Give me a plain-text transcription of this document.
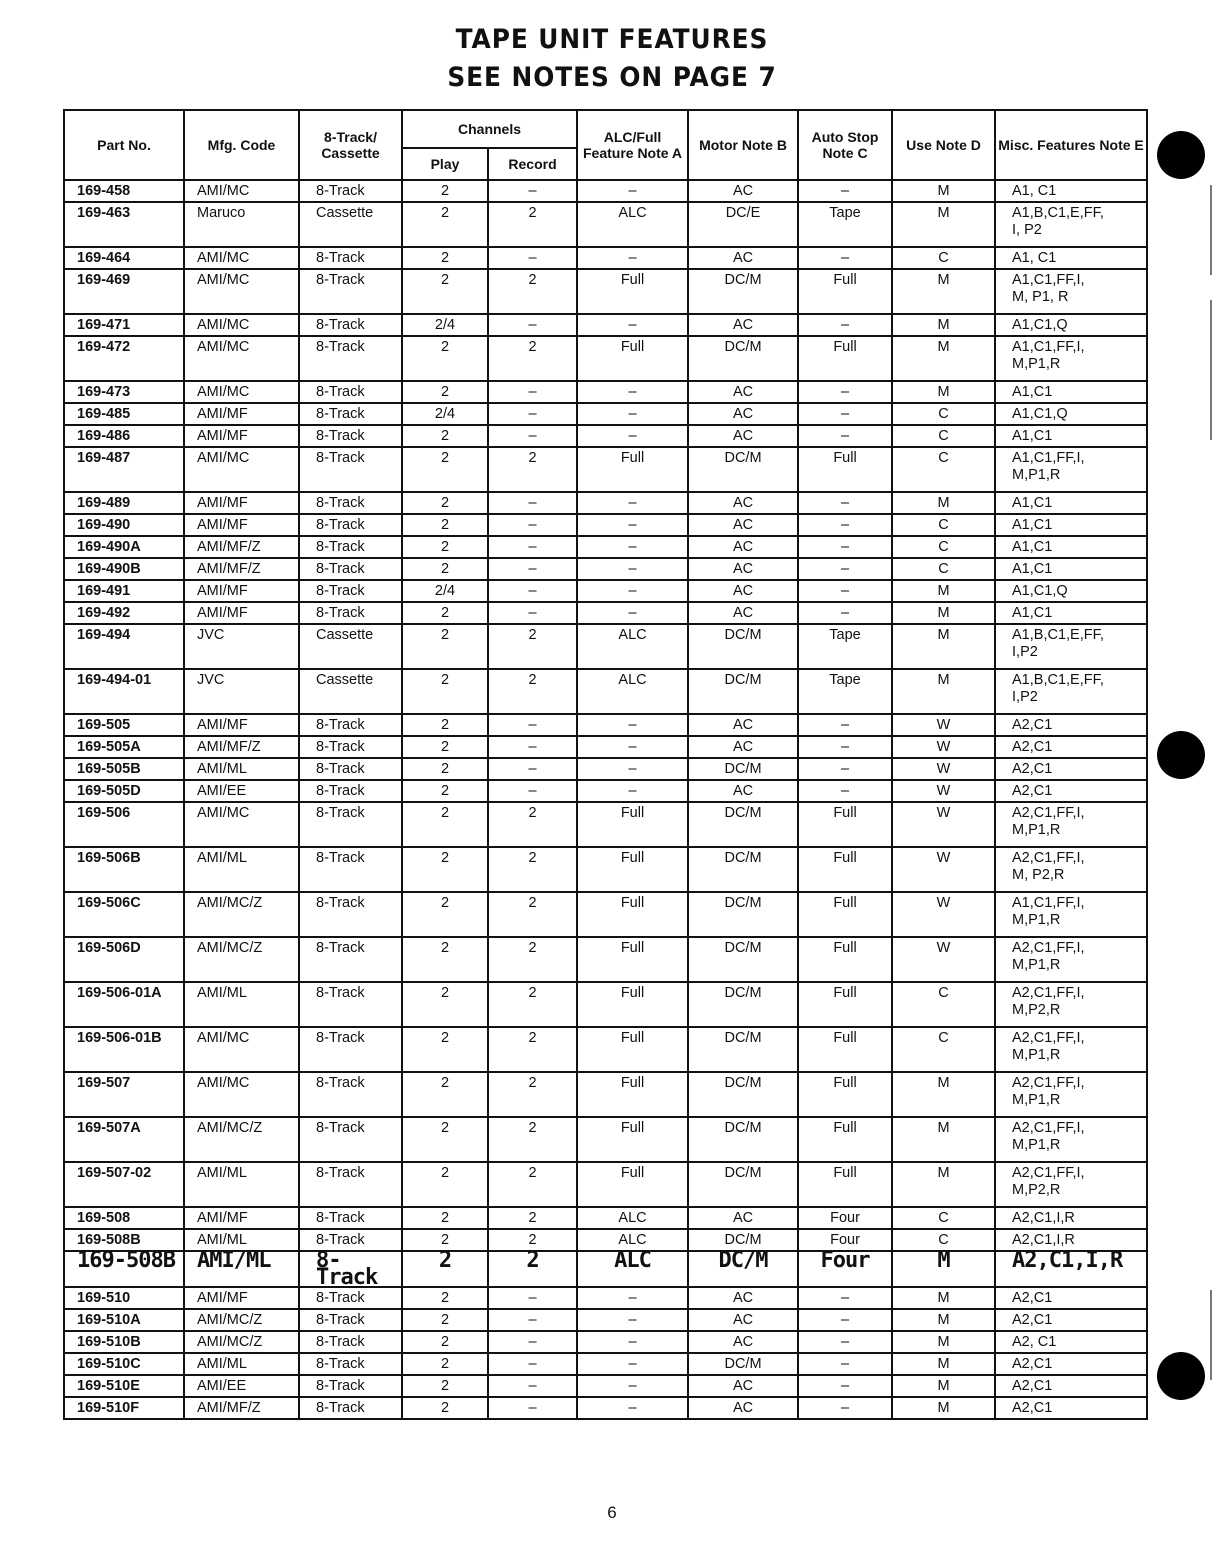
TAPE UNIT FEATURES
SEE NOTES ON PAGE 7
Part No.	Mfg. Code	8-Track/ Cassette	Channels		ALC/Full Feature Note A	Motor Note B	Auto Stop Note C	Use Note D	Misc. Features Note E
			Play	Record					
169-458	AMI/MC	8-Track	2	–	–	AC	–	M	A1, C1

169-463	Maruco	Cassette	2	2	ALC	DC/E	Tape	M	A1,B,C1,E,FF,
I, P2

169-464	AMI/MC	8-Track	2	–	–	AC	–	C	A1, C1

169-469	AMI/MC	8-Track	2	2	Full	DC/M	Full	M	A1,C1,FF,I,
M, P1, R

169-471	AMI/MC	8-Track	2/4	–	–	AC	–	M	A1,C1,Q

169-472	AMI/MC	8-Track	2	2	Full	DC/M	Full	M	A1,C1,FF,I,
M,P1,R

169-473	AMI/MC	8-Track	2	–	–	AC	–	M	A1,C1

169-485	AMI/MF	8-Track	2/4	–	–	AC	–	C	A1,C1,Q

169-486	AMI/MF	8-Track	2	–	–	AC	–	C	A1,C1

169-487	AMI/MC	8-Track	2	2	Full	DC/M	Full	C	A1,C1,FF,I,
M,P1,R

169-489	AMI/MF	8-Track	2	–	–	AC	–	M	A1,C1

169-490	AMI/MF	8-Track	2	–	–	AC	–	C	A1,C1

169-490A	AMI/MF/Z	8-Track	2	–	–	AC	–	C	A1,C1

169-490B	AMI/MF/Z	8-Track	2	–	–	AC	–	C	A1,C1

169-491	AMI/MF	8-Track	2/4	–	–	AC	–	M	A1,C1,Q

169-492	AMI/MF	8-Track	2	–	–	AC	–	M	A1,C1

169-494	JVC	Cassette	2	2	ALC	DC/M	Tape	M	A1,B,C1,E,FF,
I,P2

169-494-01	JVC	Cassette	2	2	ALC	DC/M	Tape	M	A1,B,C1,E,FF,
I,P2

169-505	AMI/MF	8-Track	2	–	–	AC	–	W	A2,C1

169-505A	AMI/MF/Z	8-Track	2	–	–	AC	–	W	A2,C1

169-505B	AMI/ML	8-Track	2	–	–	DC/M	–	W	A2,C1

169-505D	AMI/EE	8-Track	2	–	–	AC	–	W	A2,C1

169-506	AMI/MC	8-Track	2	2	Full	DC/M	Full	W	A2,C1,FF,I,
M,P1,R

169-506B	AMI/ML	8-Track	2	2	Full	DC/M	Full	W	A2,C1,FF,I,
M, P2,R

169-506C	AMI/MC/Z	8-Track	2	2	Full	DC/M	Full	W	A1,C1,FF,I,
M,P1,R

169-506D	AMI/MC/Z	8-Track	2	2	Full	DC/M	Full	W	A2,C1,FF,I,
M,P1,R

169-506-01A	AMI/ML	8-Track	2	2	Full	DC/M	Full	C	A2,C1,FF,I,
M,P2,R

169-506-01B	AMI/MC	8-Track	2	2	Full	DC/M	Full	C	A2,C1,FF,I,
M,P1,R

169-507	AMI/MC	8-Track	2	2	Full	DC/M	Full	M	A2,C1,FF,I,
M,P1,R

169-507A	AMI/MC/Z	8-Track	2	2	Full	DC/M	Full	M	A2,C1,FF,I,
M,P1,R

169-507-02	AMI/ML	8-Track	2	2	Full	DC/M	Full	M	A2,C1,FF,I,
M,P2,R

169-508	AMI/MF	8-Track	2	2	ALC	AC	Four	C	A2,C1,I,R

169-508B	AMI/ML	8-Track	2	2	ALC	DC/M	Four	C	A2,C1,I,R

169-508B	AMI/ML	8-Track	2	2	ALC	DC/M	Four	M	A2,C1,I,R

169-510	AMI/MF	8-Track	2	–	–	AC	–	M	A2,C1

169-510A	AMI/MC/Z	8-Track	2	–	–	AC	–	M	A2,C1

169-510B	AMI/MC/Z	8-Track	2	–	–	AC	–	M	A2, C1

169-510C	AMI/ML	8-Track	2	–	–	DC/M	–	M	A2,C1

169-510E	AMI/EE	8-Track	2	–	–	AC	–	M	A2,C1

169-510F	AMI/MF/Z	8-Track	2	–	–	AC	–	M	A2,C1
6
